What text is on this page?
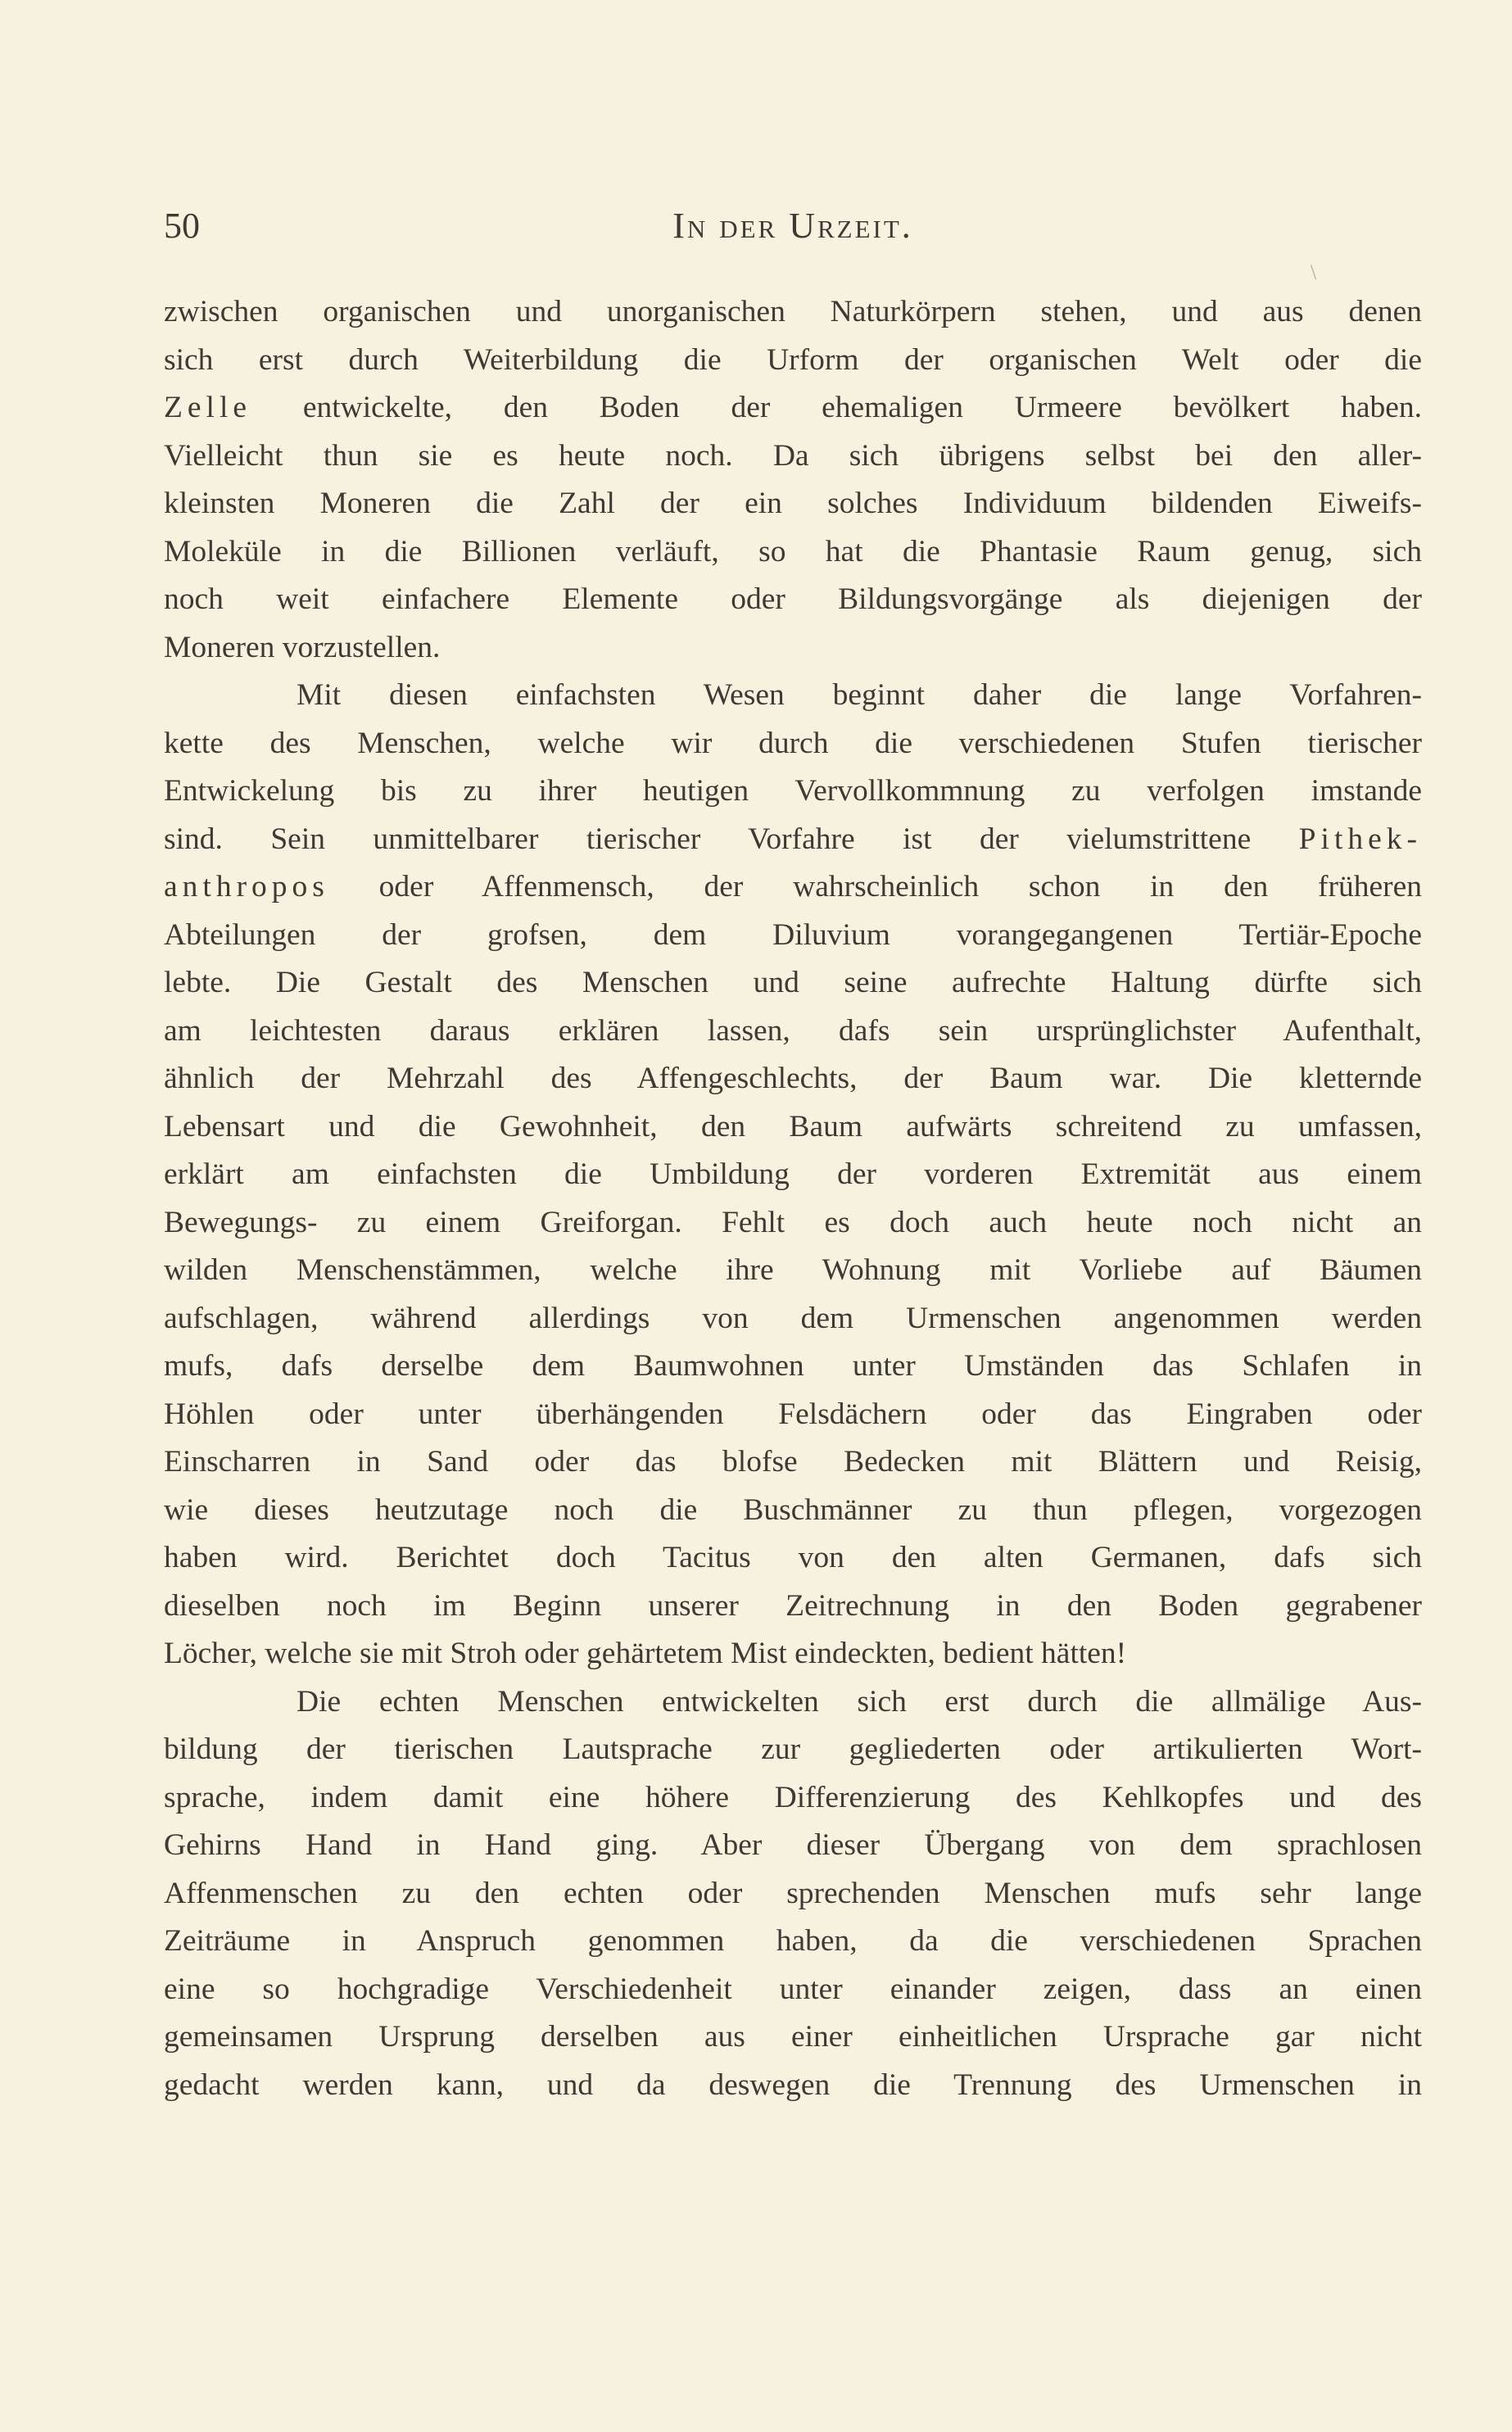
50	In der Urzeit.
\
zwischen organischen und unorganischen Naturkörpern stehen, und aus denen
sich erst durch Weiterbildung die Urform der organischen Welt oder die
Zelle entwickelte, den Boden der ehemaligen Urmeere bevölkert haben.
Vielleicht thun sie es heute noch. Da sich übrigens selbst bei den aller-
kleinsten Moneren die Zahl der ein solches Individuum bildenden Eiweifs-
Moleküle in die Billionen verläuft, so hat die Phantasie Raum genug, sich
noch weit einfachere Elemente oder Bildungsvorgänge als diejenigen der
Moneren vorzustellen.
Mit diesen einfachsten Wesen beginnt daher die lange Vorfahren-
kette des Menschen, welche wir durch die verschiedenen Stufen tierischer
Entwickelung bis zu ihrer heutigen Vervollkommnung zu verfolgen imstande
sind. Sein unmittelbarer tierischer Vorfahre ist der vielumstrittene Pithek-
anthropos oder Affenmensch, der wahrscheinlich schon in den früheren
Abteilungen der grofsen, dem Diluvium vorangegangenen Tertiär-Epoche
lebte. Die Gestalt des Menschen und seine aufrechte Haltung dürfte sich
am leichtesten daraus erklären lassen, dafs sein ursprünglichster Aufenthalt,
ähnlich der Mehrzahl des Affengeschlechts, der Baum war. Die kletternde
Lebensart und die Gewohnheit, den Baum aufwärts schreitend zu umfassen,
erklärt am einfachsten die Umbildung der vorderen Extremität aus einem
Bewegungs- zu einem Greiforgan. Fehlt es doch auch heute noch nicht an
wilden Menschenstämmen, welche ihre Wohnung mit Vorliebe auf Bäumen
aufschlagen, während allerdings von dem Urmenschen angenommen werden
mufs, dafs derselbe dem Baumwohnen unter Umständen das Schlafen in
Höhlen oder unter überhängenden Felsdächern oder das Eingraben oder
Einscharren in Sand oder das blofse Bedecken mit Blättern und Reisig,
wie dieses heutzutage noch die Buschmänner zu thun pflegen, vorgezogen
haben wird. Berichtet doch Tacitus von den alten Germanen, dafs sich
dieselben noch im Beginn unserer Zeitrechnung in den Boden gegrabener
Löcher, welche sie mit Stroh oder gehärtetem Mist eindeckten, bedient hätten!
Die echten Menschen entwickelten sich erst durch die allmälige Aus-
bildung der tierischen Lautsprache zur gegliederten oder artikulierten Wort-
sprache, indem damit eine höhere Differenzierung des Kehlkopfes und des
Gehirns Hand in Hand ging. Aber dieser Übergang von dem sprachlosen
Affenmenschen zu den echten oder sprechenden Menschen mufs sehr lange
Zeiträume in Anspruch genommen haben, da die verschiedenen Sprachen
eine so hochgradige Verschiedenheit unter einander zeigen, dass an einen
gemeinsamen Ursprung derselben aus einer einheitlichen Ursprache gar nicht
gedacht werden kann, und da deswegen die Trennung des Urmenschen in
